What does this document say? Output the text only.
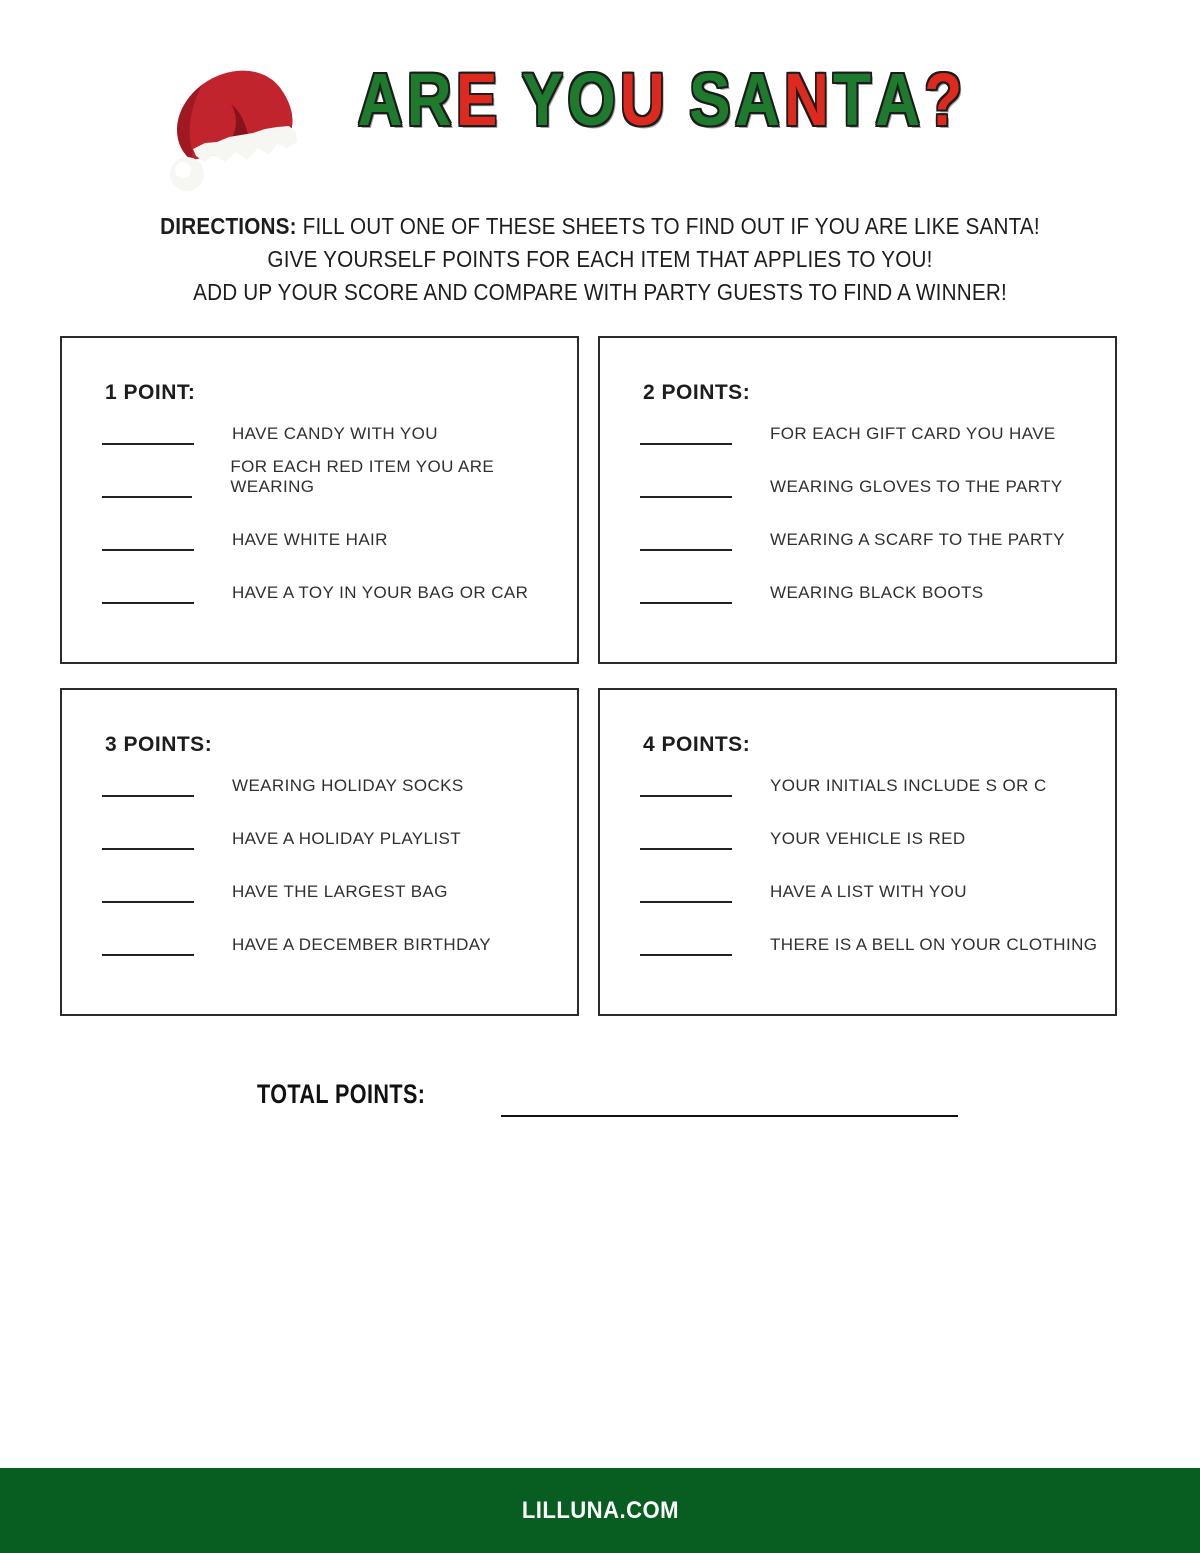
ARE YOU SANTA?
DIRECTIONS: FILL OUT ONE OF THESE SHEETS TO FIND OUT IF YOU ARE LIKE SANTA!
GIVE YOURSELF POINTS FOR EACH ITEM THAT APPLIES TO YOU!
ADD UP YOUR SCORE AND COMPARE WITH PARTY GUESTS TO FIND A WINNER!
1 POINT:
HAVE CANDY WITH YOU
FOR EACH RED ITEM YOU ARE WEARING
HAVE WHITE HAIR
HAVE A TOY IN YOUR BAG OR CAR
2 POINTS:
FOR EACH GIFT CARD YOU HAVE
WEARING GLOVES TO THE PARTY
WEARING A SCARF TO THE PARTY
WEARING BLACK BOOTS
3 POINTS:
WEARING HOLIDAY SOCKS
HAVE A HOLIDAY PLAYLIST
HAVE THE LARGEST BAG
HAVE A DECEMBER BIRTHDAY
4 POINTS:
YOUR INITIALS INCLUDE S OR C
YOUR VEHICLE IS RED
HAVE A LIST WITH YOU
THERE IS A BELL ON YOUR CLOTHING
TOTAL POINTS:
LILLUNA.COM
